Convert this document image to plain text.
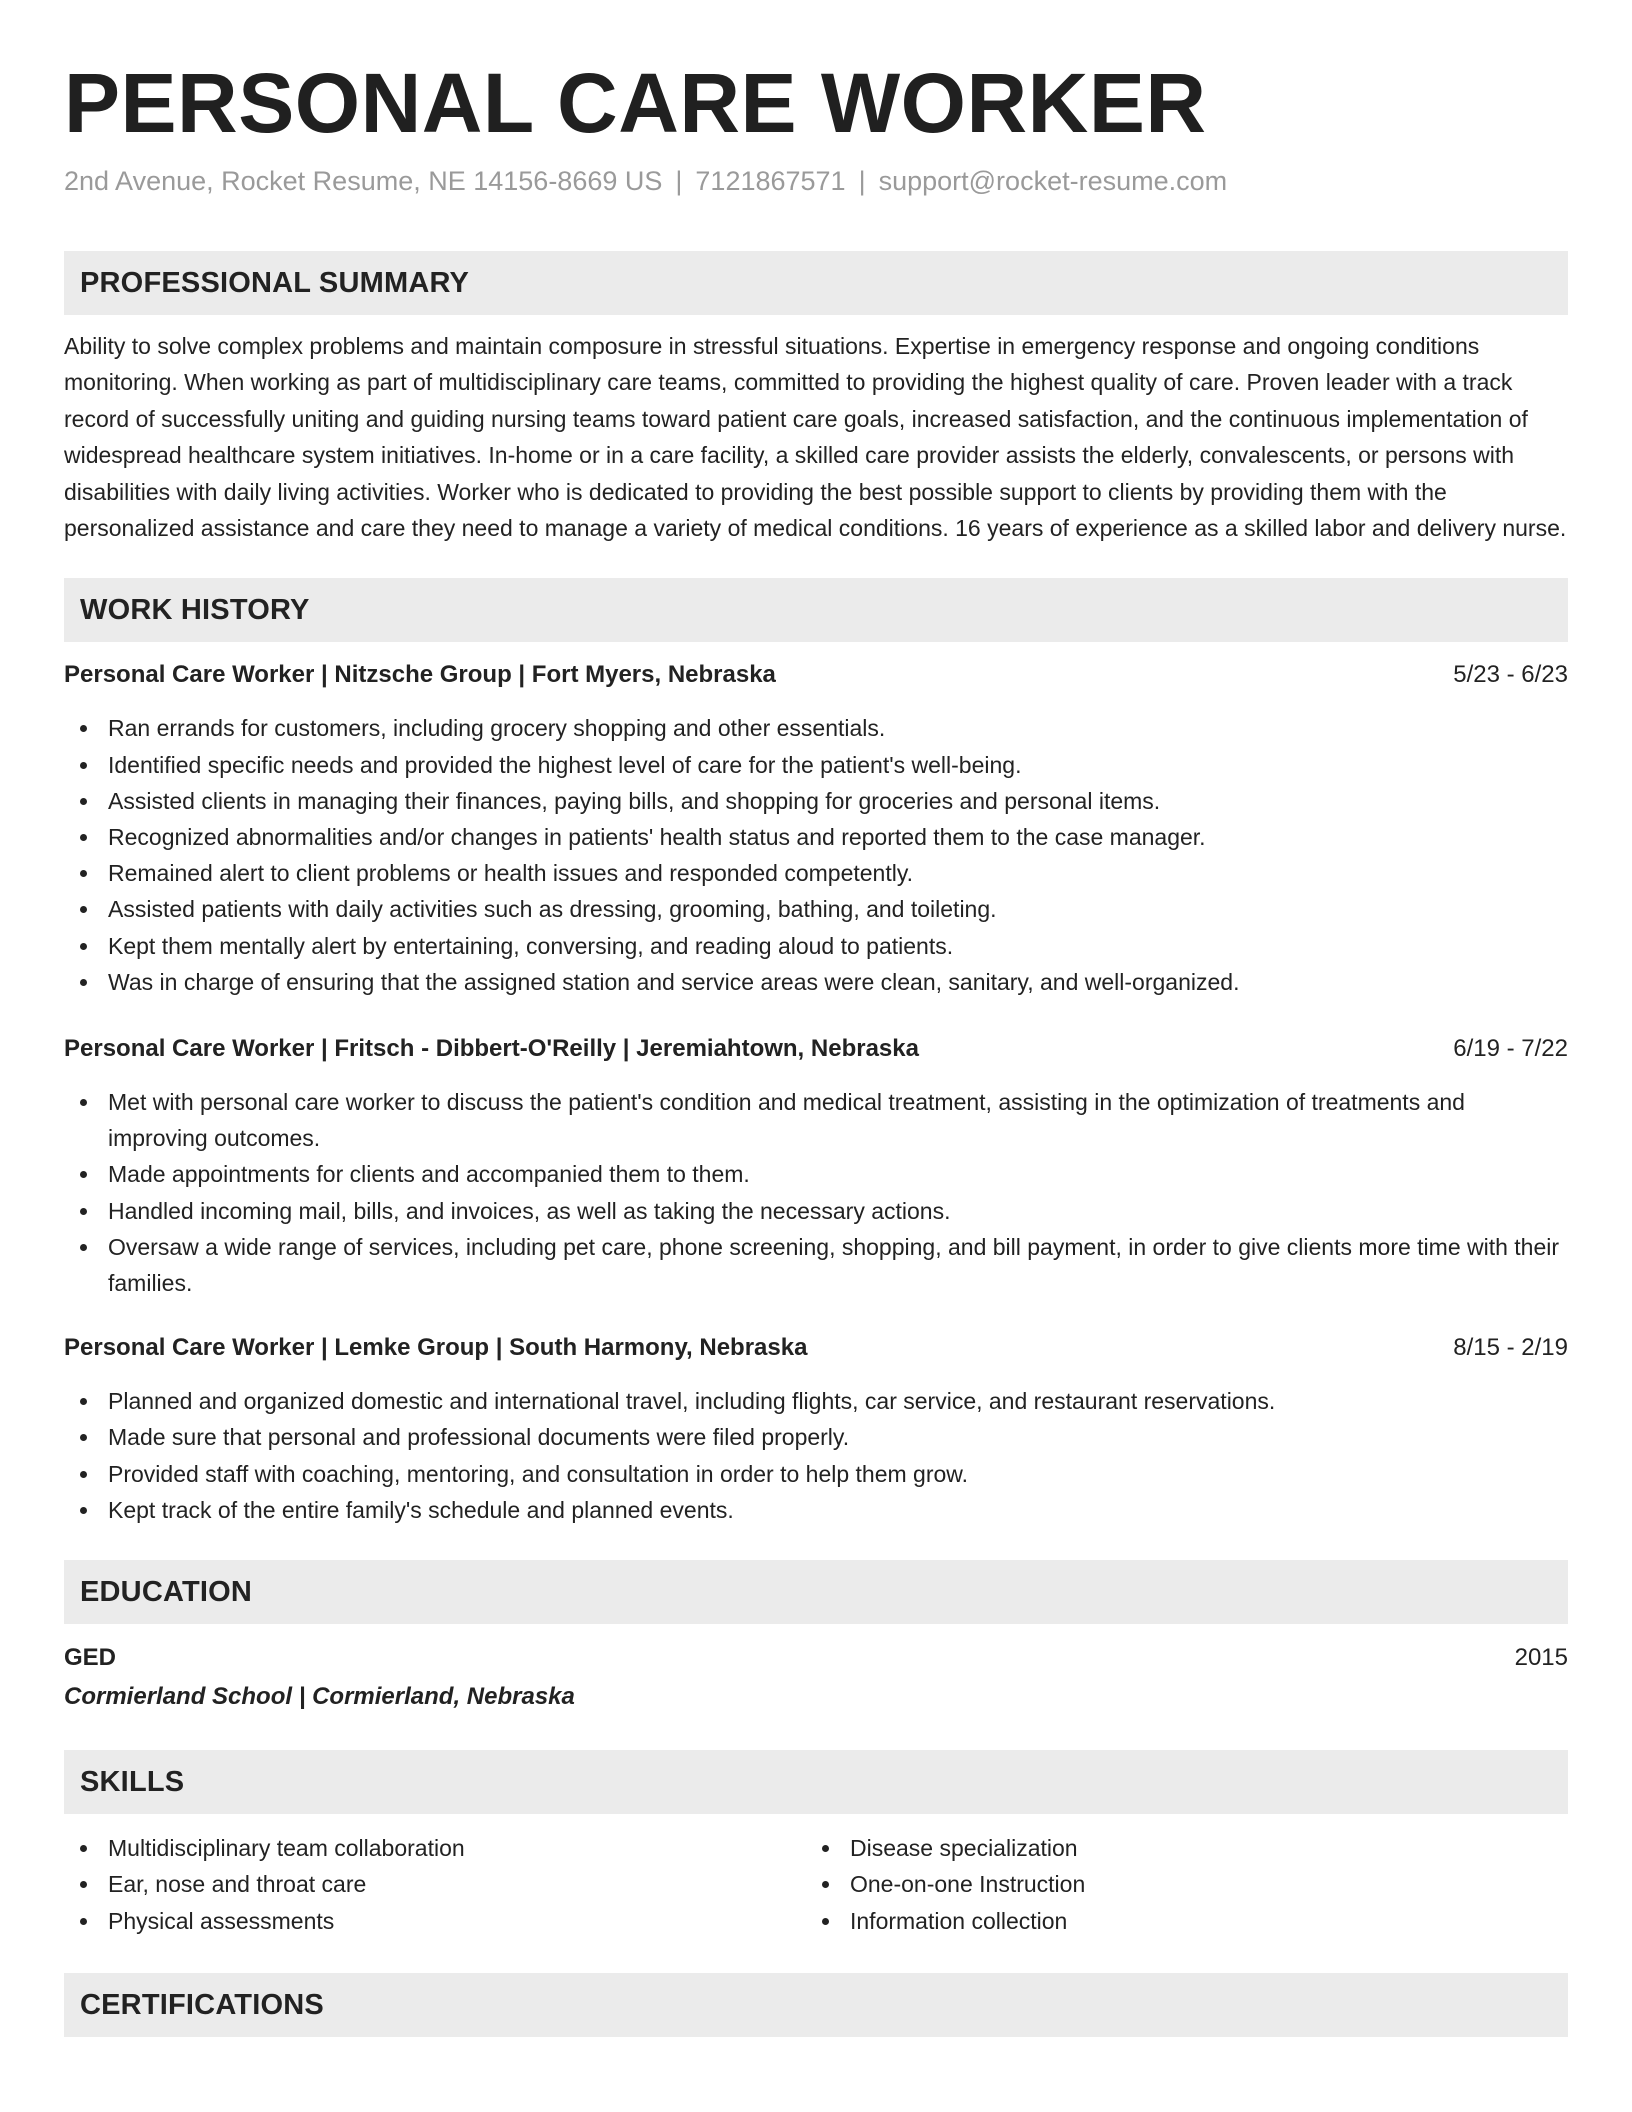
PERSONAL CARE WORKER
2nd Avenue, Rocket Resume, NE 14156-8669 US | 7121867571 | support@rocket-resume.com
PROFESSIONAL SUMMARY
Ability to solve complex problems and maintain composure in stressful situations. Expertise in emergency response and ongoing conditions monitoring. When working as part of multidisciplinary care teams, committed to providing the highest quality of care. Proven leader with a track record of successfully uniting and guiding nursing teams toward patient care goals, increased satisfaction, and the continuous implementation of widespread healthcare system initiatives. In-home or in a care facility, a skilled care provider assists the elderly, convalescents, or persons with disabilities with daily living activities. Worker who is dedicated to providing the best possible support to clients by providing them with the personalized assistance and care they need to manage a variety of medical conditions. 16 years of experience as a skilled labor and delivery nurse.
WORK HISTORY
Personal Care Worker | Nitzsche Group | Fort Myers, Nebraska	5/23 - 6/23
Ran errands for customers, including grocery shopping and other essentials.
Identified specific needs and provided the highest level of care for the patient's well-being.
Assisted clients in managing their finances, paying bills, and shopping for groceries and personal items.
Recognized abnormalities and/or changes in patients' health status and reported them to the case manager.
Remained alert to client problems or health issues and responded competently.
Assisted patients with daily activities such as dressing, grooming, bathing, and toileting.
Kept them mentally alert by entertaining, conversing, and reading aloud to patients.
Was in charge of ensuring that the assigned station and service areas were clean, sanitary, and well-organized.
Personal Care Worker | Fritsch - Dibbert-O'Reilly | Jeremiahtown, Nebraska	6/19 - 7/22
Met with personal care worker to discuss the patient's condition and medical treatment, assisting in the optimization of treatments and improving outcomes.
Made appointments for clients and accompanied them to them.
Handled incoming mail, bills, and invoices, as well as taking the necessary actions.
Oversaw a wide range of services, including pet care, phone screening, shopping, and bill payment, in order to give clients more time with their families.
Personal Care Worker | Lemke Group | South Harmony, Nebraska	8/15 - 2/19
Planned and organized domestic and international travel, including flights, car service, and restaurant reservations.
Made sure that personal and professional documents were filed properly.
Provided staff with coaching, mentoring, and consultation in order to help them grow.
Kept track of the entire family's schedule and planned events.
EDUCATION
GED	2015
Cormierland School | Cormierland, Nebraska
SKILLS
Multidisciplinary team collaboration
Ear, nose and throat care
Physical assessments
Disease specialization
One-on-one Instruction
Information collection
CERTIFICATIONS
